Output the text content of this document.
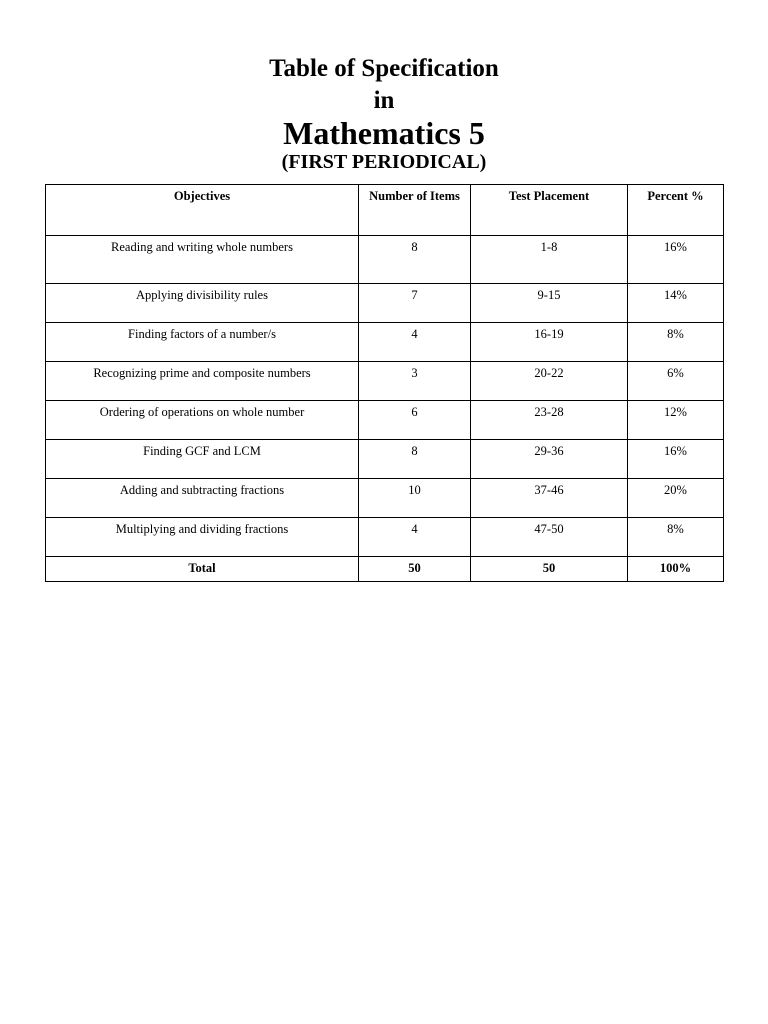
Table of Specification
in
Mathematics 5
(FIRST PERIODICAL)
Objectives	Number of Items	Test Placement	Percent %
Reading and writing whole numbers	8	1-8	16%
Applying divisibility rules	7	9-15	14%
Finding factors of a number/s	4	16-19	8%
Recognizing prime and composite numbers	3	20-22	6%
Ordering of operations on whole number	6	23-28	12%
Finding GCF and LCM	8	29-36	16%
Adding and subtracting fractions	10	37-46	20%
Multiplying and dividing fractions	4	47-50	8%
Total	50	50	100%
